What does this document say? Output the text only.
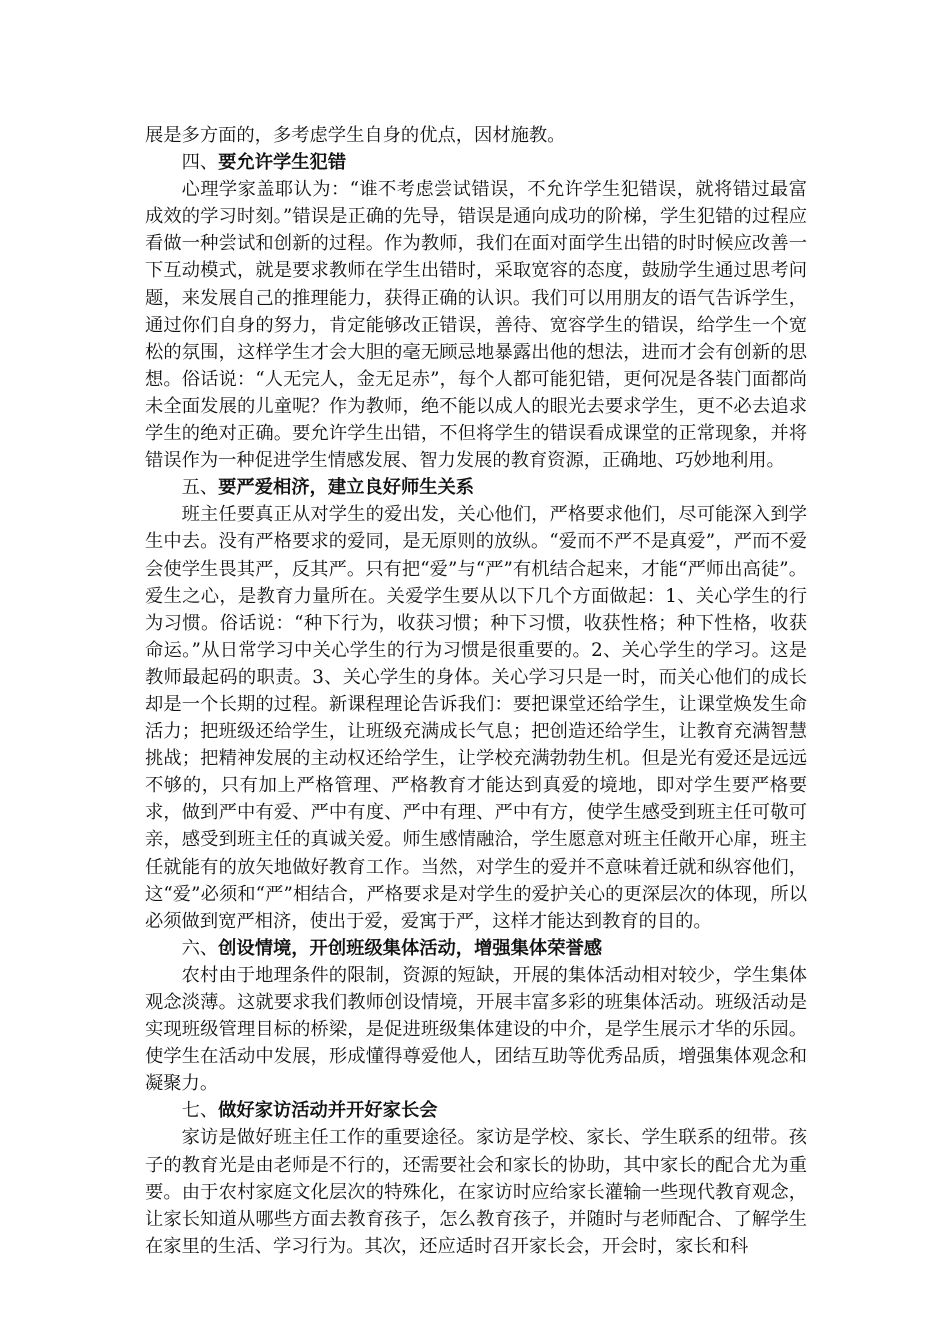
展是多方面的，多考虑学生自身的优点，因材施教。

四、要允许学生犯错

心理学家盖耶认为：“谁不考虑尝试错误，不允许学生犯错误，就将错过最富成效的学习时刻。”错误是正确的先导，错误是通向成功的阶梯，学生犯错的过程应看做一种尝试和创新的过程。作为教师，我们在面对面学生出错的时时候应改善一下互动模式，就是要求教师在学生出错时，采取宽容的态度，鼓励学生通过思考问题，来发展自己的推理能力，获得正确的认识。我们可以用朋友的语气告诉学生，通过你们自身的努力，肯定能够改正错误，善待、宽容学生的错误，给学生一个宽松的氛围，这样学生才会大胆的毫无顾忌地暴露出他的想法，进而才会有创新的思想。俗话说：“人无完人，金无足赤”，每个人都可能犯错，更何况是各装门面都尚未全面发展的儿童呢？作为教师，绝不能以成人的眼光去要求学生，更不必去追求学生的绝对正确。要允许学生出错，不但将学生的错误看成课堂的正常现象，并将错误作为一种促进学生情感发展、智力发展的教育资源，正确地、巧妙地利用。

五、要严爱相济，建立良好师生关系

班主任要真正从对学生的爱出发，关心他们，严格要求他们，尽可能深入到学生中去。没有严格要求的爱同，是无原则的放纵。“爱而不严不是真爱”，严而不爱会使学生畏其严，反其严。只有把“爱”与“严”有机结合起来，才能“严师出高徒”。爱生之心，是教育力量所在。关爱学生要从以下几个方面做起：1、关心学生的行为习惯。俗话说：“种下行为，收获习惯；种下习惯，收获性格；种下性格，收获命运。”从日常学习中关心学生的行为习惯是很重要的。2、关心学生的学习。这是教师最起码的职责。3、关心学生的身体。关心学习只是一时，而关心他们的成长却是一个长期的过程。新课程理论告诉我们：要把课堂还给学生，让课堂焕发生命活力；把班级还给学生，让班级充满成长气息；把创造还给学生，让教育充满智慧挑战；把精神发展的主动权还给学生，让学校充满勃勃生机。但是光有爱还是远远不够的，只有加上严格管理、严格教育才能达到真爱的境地，即对学生要严格要求，做到严中有爱、严中有度、严中有理、严中有方，使学生感受到班主任可敬可亲，感受到班主任的真诚关爱。师生感情融洽，学生愿意对班主任敞开心扉，班主任就能有的放矢地做好教育工作。当然，对学生的爱并不意味着迁就和纵容他们，这“爱”必须和“严”相结合，严格要求是对学生的爱护关心的更深层次的体现，所以必须做到宽严相济，使出于爱，爱寓于严，这样才能达到教育的目的。

六、创设情境，开创班级集体活动，增强集体荣誉感

农村由于地理条件的限制，资源的短缺，开展的集体活动相对较少，学生集体观念淡薄。这就要求我们教师创设情境，开展丰富多彩的班集体活动。班级活动是实现班级管理目标的桥梁，是促进班级集体建设的中介，是学生展示才华的乐园。使学生在活动中发展，形成懂得尊爱他人，团结互助等优秀品质，增强集体观念和凝聚力。

七、做好家访活动并开好家长会

家访是做好班主任工作的重要途径。家访是学校、家长、学生联系的纽带。孩子的教育光是由老师是不行的，还需要社会和家长的协助，其中家长的配合尤为重要。由于农村家庭文化层次的特殊化，在家访时应给家长灌输一些现代教育观念，让家长知道从哪些方面去教育孩子，怎么教育孩子，并随时与老师配合、了解学生在家里的生活、学习行为。其次，还应适时召开家长会，开会时，家长和科
